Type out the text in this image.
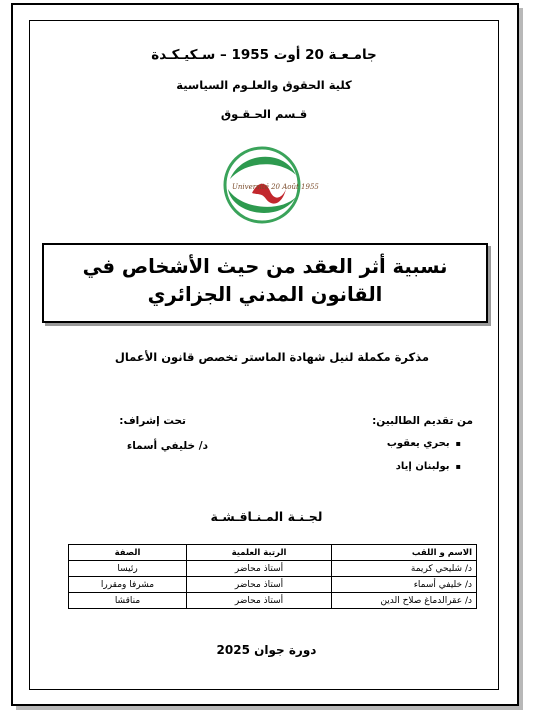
جامـعـة 20 أوت 1955 – سـكيـكـدة
كلية الحقوق والعلـوم السياسية
قـسم الحـقـوق
Université 20 Août 1955
نسبية أثر العقد من حيث الأشخاص في القانون المدني الجزائري
مذكرة مكملة لنيل شهادة الماستر تخصص قانون الأعمال
من تقديم الطالبين:
▪بحري يعقوب
▪بولبنان إياد
تحت إشراف:
د/ خليفي أسماء
لجـنـة المـنـاقـشـة
الاسم و اللقب	الرتبة العلمية	الصفة
د/ شليحي كريمة	أستاذ محاضر	رئيسا
د/ خليفي أسماء	أستاذ محاضر	مشرفا ومقررا
د/ عقرالدماغ صلاح الدين	أستاذ محاضر	مناقشا
دورة جوان 2025
